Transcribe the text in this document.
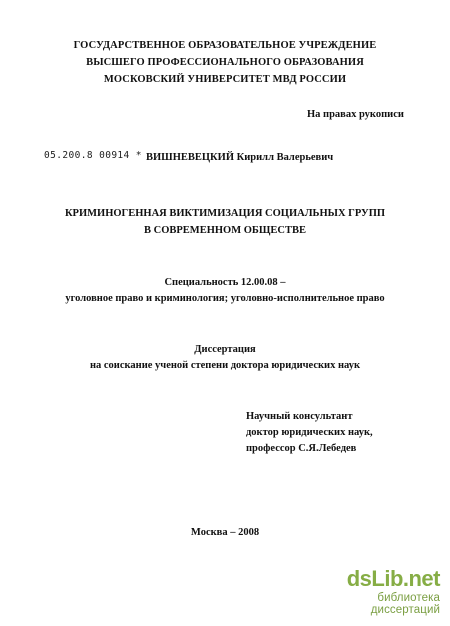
ГОСУДАРСТВЕННОЕ ОБРАЗОВАТЕЛЬНОЕ УЧРЕЖДЕНИЕ
ВЫСШЕГО ПРОФЕССИОНАЛЬНОГО ОБРАЗОВАНИЯ
МОСКОВСКИЙ УНИВЕРСИТЕТ МВД РОССИИ
На правах рукописи
05.200.8 00914 * ВИШНЕВЕЦКИЙ Кирилл Валерьевич
КРИМИНОГЕННАЯ ВИКТИМИЗАЦИЯ СОЦИАЛЬНЫХ ГРУПП
В СОВРЕМЕННОМ ОБЩЕСТВЕ
Специальность 12.00.08 –
уголовное право и криминология; уголовно-исполнительное право
Диссертация
на соискание ученой степени доктора юридических наук
Научный консультант
доктор юридических наук,
профессор С.Я.Лебедев
Москва – 2008
dsLib.net
библиотека диссертаций
